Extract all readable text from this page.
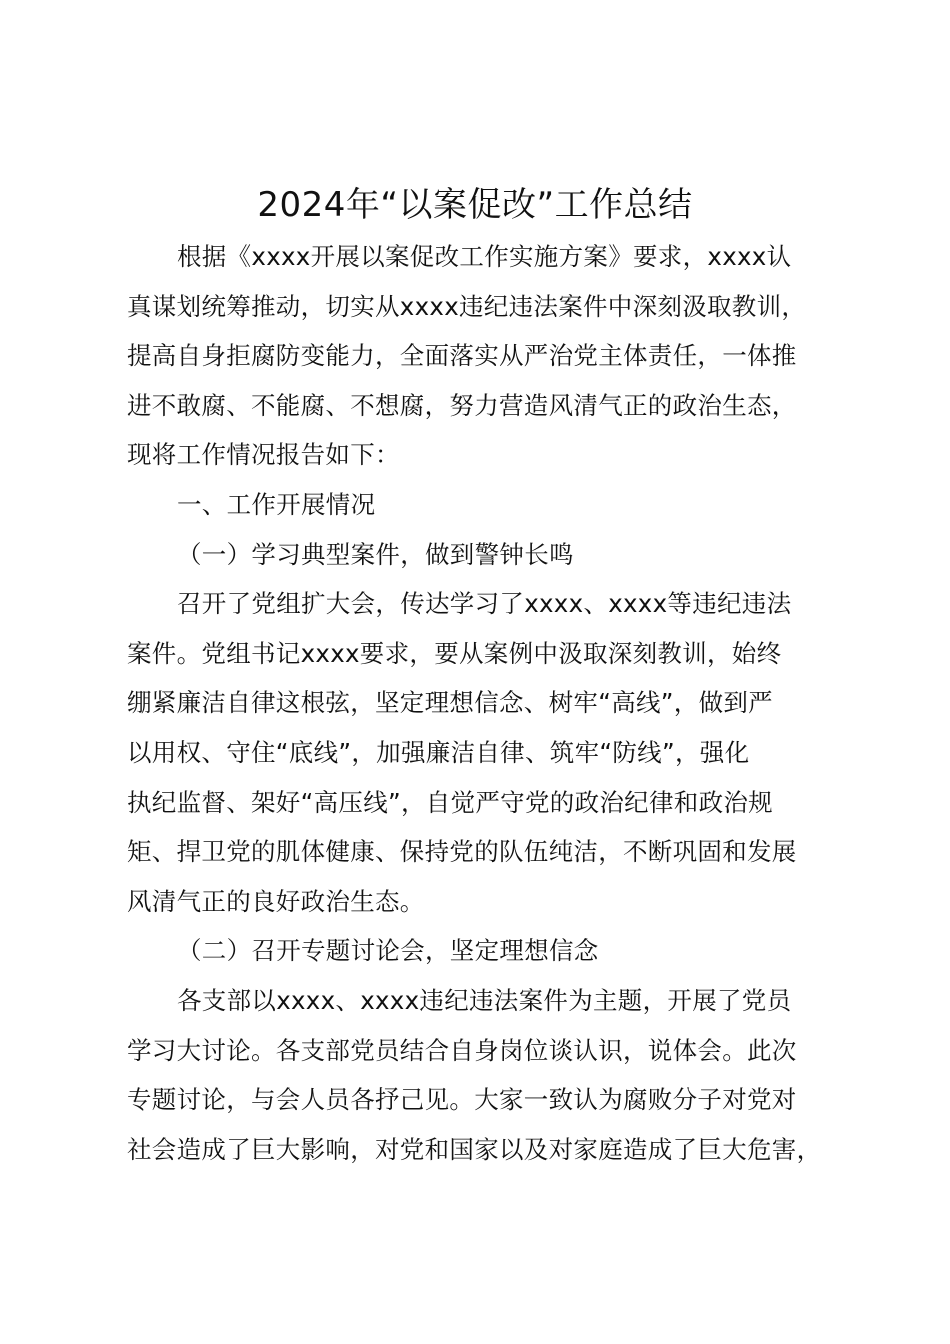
2024年“以案促改”工作总结
根据《xxxx开展以案促改工作实施方案》要求，xxxx认
真谋划统筹推动，切实从xxxx违纪违法案件中深刻汲取教训，
提高自身拒腐防变能力，全面落实从严治党主体责任，一体推
进不敢腐、不能腐、不想腐，努力营造风清气正的政治生态，
现将工作情况报告如下：
一、工作开展情况
（一）学习典型案件，做到警钟长鸣
召开了党组扩大会，传达学习了xxxx、xxxx等违纪违法
案件。党组书记xxxx要求，要从案例中汲取深刻教训，始终
绷紧廉洁自律这根弦，坚定理想信念、树牢“高线”，做到严
以用权、守住“底线”，加强廉洁自律、筑牢“防线”，强化
执纪监督、架好“高压线”，自觉严守党的政治纪律和政治规
矩、捍卫党的肌体健康、保持党的队伍纯洁，不断巩固和发展
风清气正的良好政治生态。
（二）召开专题讨论会，坚定理想信念
各支部以xxxx、xxxx违纪违法案件为主题，开展了党员
学习大讨论。各支部党员结合自身岗位谈认识，说体会。此次
专题讨论，与会人员各抒己见。大家一致认为腐败分子对党对
社会造成了巨大影响，对党和国家以及对家庭造成了巨大危害，
